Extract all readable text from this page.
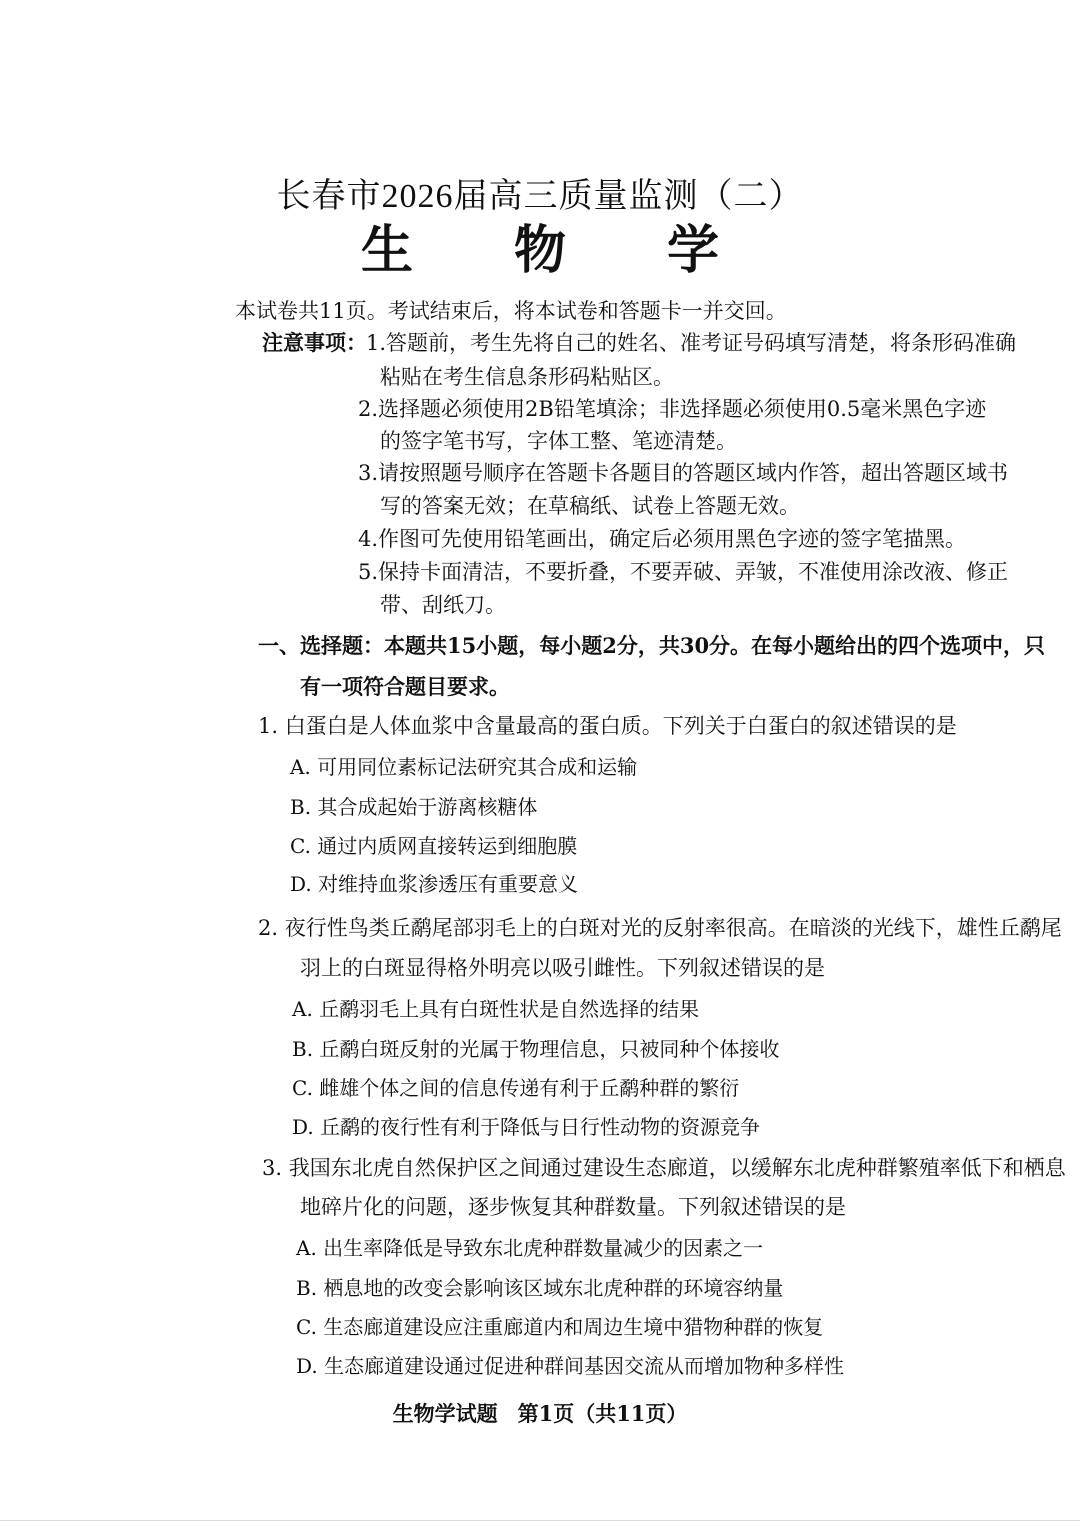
长春市2026届高三质量监测（二）
生 物 学
本试卷共11页。考试结束后，将本试卷和答题卡一并交回。
注意事项： 1.答题前，考生先将自己的姓名、准考证号码填写清楚，将条形码准确
粘贴在考生信息条形码粘贴区。
2.选择题必须使用2B铅笔填涂；非选择题必须使用0.5毫米黑色字迹
的签字笔书写，字体工整、笔迹清楚。
3.请按照题号顺序在答题卡各题目的答题区域内作答，超出答题区域书
写的答案无效；在草稿纸、试卷上答题无效。
4.作图可先使用铅笔画出，确定后必须用黑色字迹的签字笔描黑。
5.保持卡面清洁，不要折叠，不要弄破、弄皱，不准使用涂改液、修正
带、刮纸刀。
一、选择题：本题共15小题，每小题2分，共30分。在每小题给出的四个选项中，只
有一项符合题目要求。
1. 白蛋白是人体血浆中含量最高的蛋白质。下列关于白蛋白的叙述错误的是
A. 可用同位素标记法研究其合成和运输
B. 其合成起始于游离核糖体
C. 通过内质网直接转运到细胞膜
D. 对维持血浆渗透压有重要意义
2. 夜行性鸟类丘鹬尾部羽毛上的白斑对光的反射率很高。在暗淡的光线下，雄性丘鹬尾
羽上的白斑显得格外明亮以吸引雌性。下列叙述错误的是
A. 丘鹬羽毛上具有白斑性状是自然选择的结果
B. 丘鹬白斑反射的光属于物理信息，只被同种个体接收
C. 雌雄个体之间的信息传递有利于丘鹬种群的繁衍
D. 丘鹬的夜行性有利于降低与日行性动物的资源竞争
3. 我国东北虎自然保护区之间通过建设生态廊道，以缓解东北虎种群繁殖率低下和栖息
地碎片化的问题，逐步恢复其种群数量。下列叙述错误的是
A. 出生率降低是导致东北虎种群数量减少的因素之一
B. 栖息地的改变会影响该区域东北虎种群的环境容纳量
C. 生态廊道建设应注重廊道内和周边生境中猎物种群的恢复
D. 生态廊道建设通过促进种群间基因交流从而增加物种多样性
生物学试题 第1页（共11页）
